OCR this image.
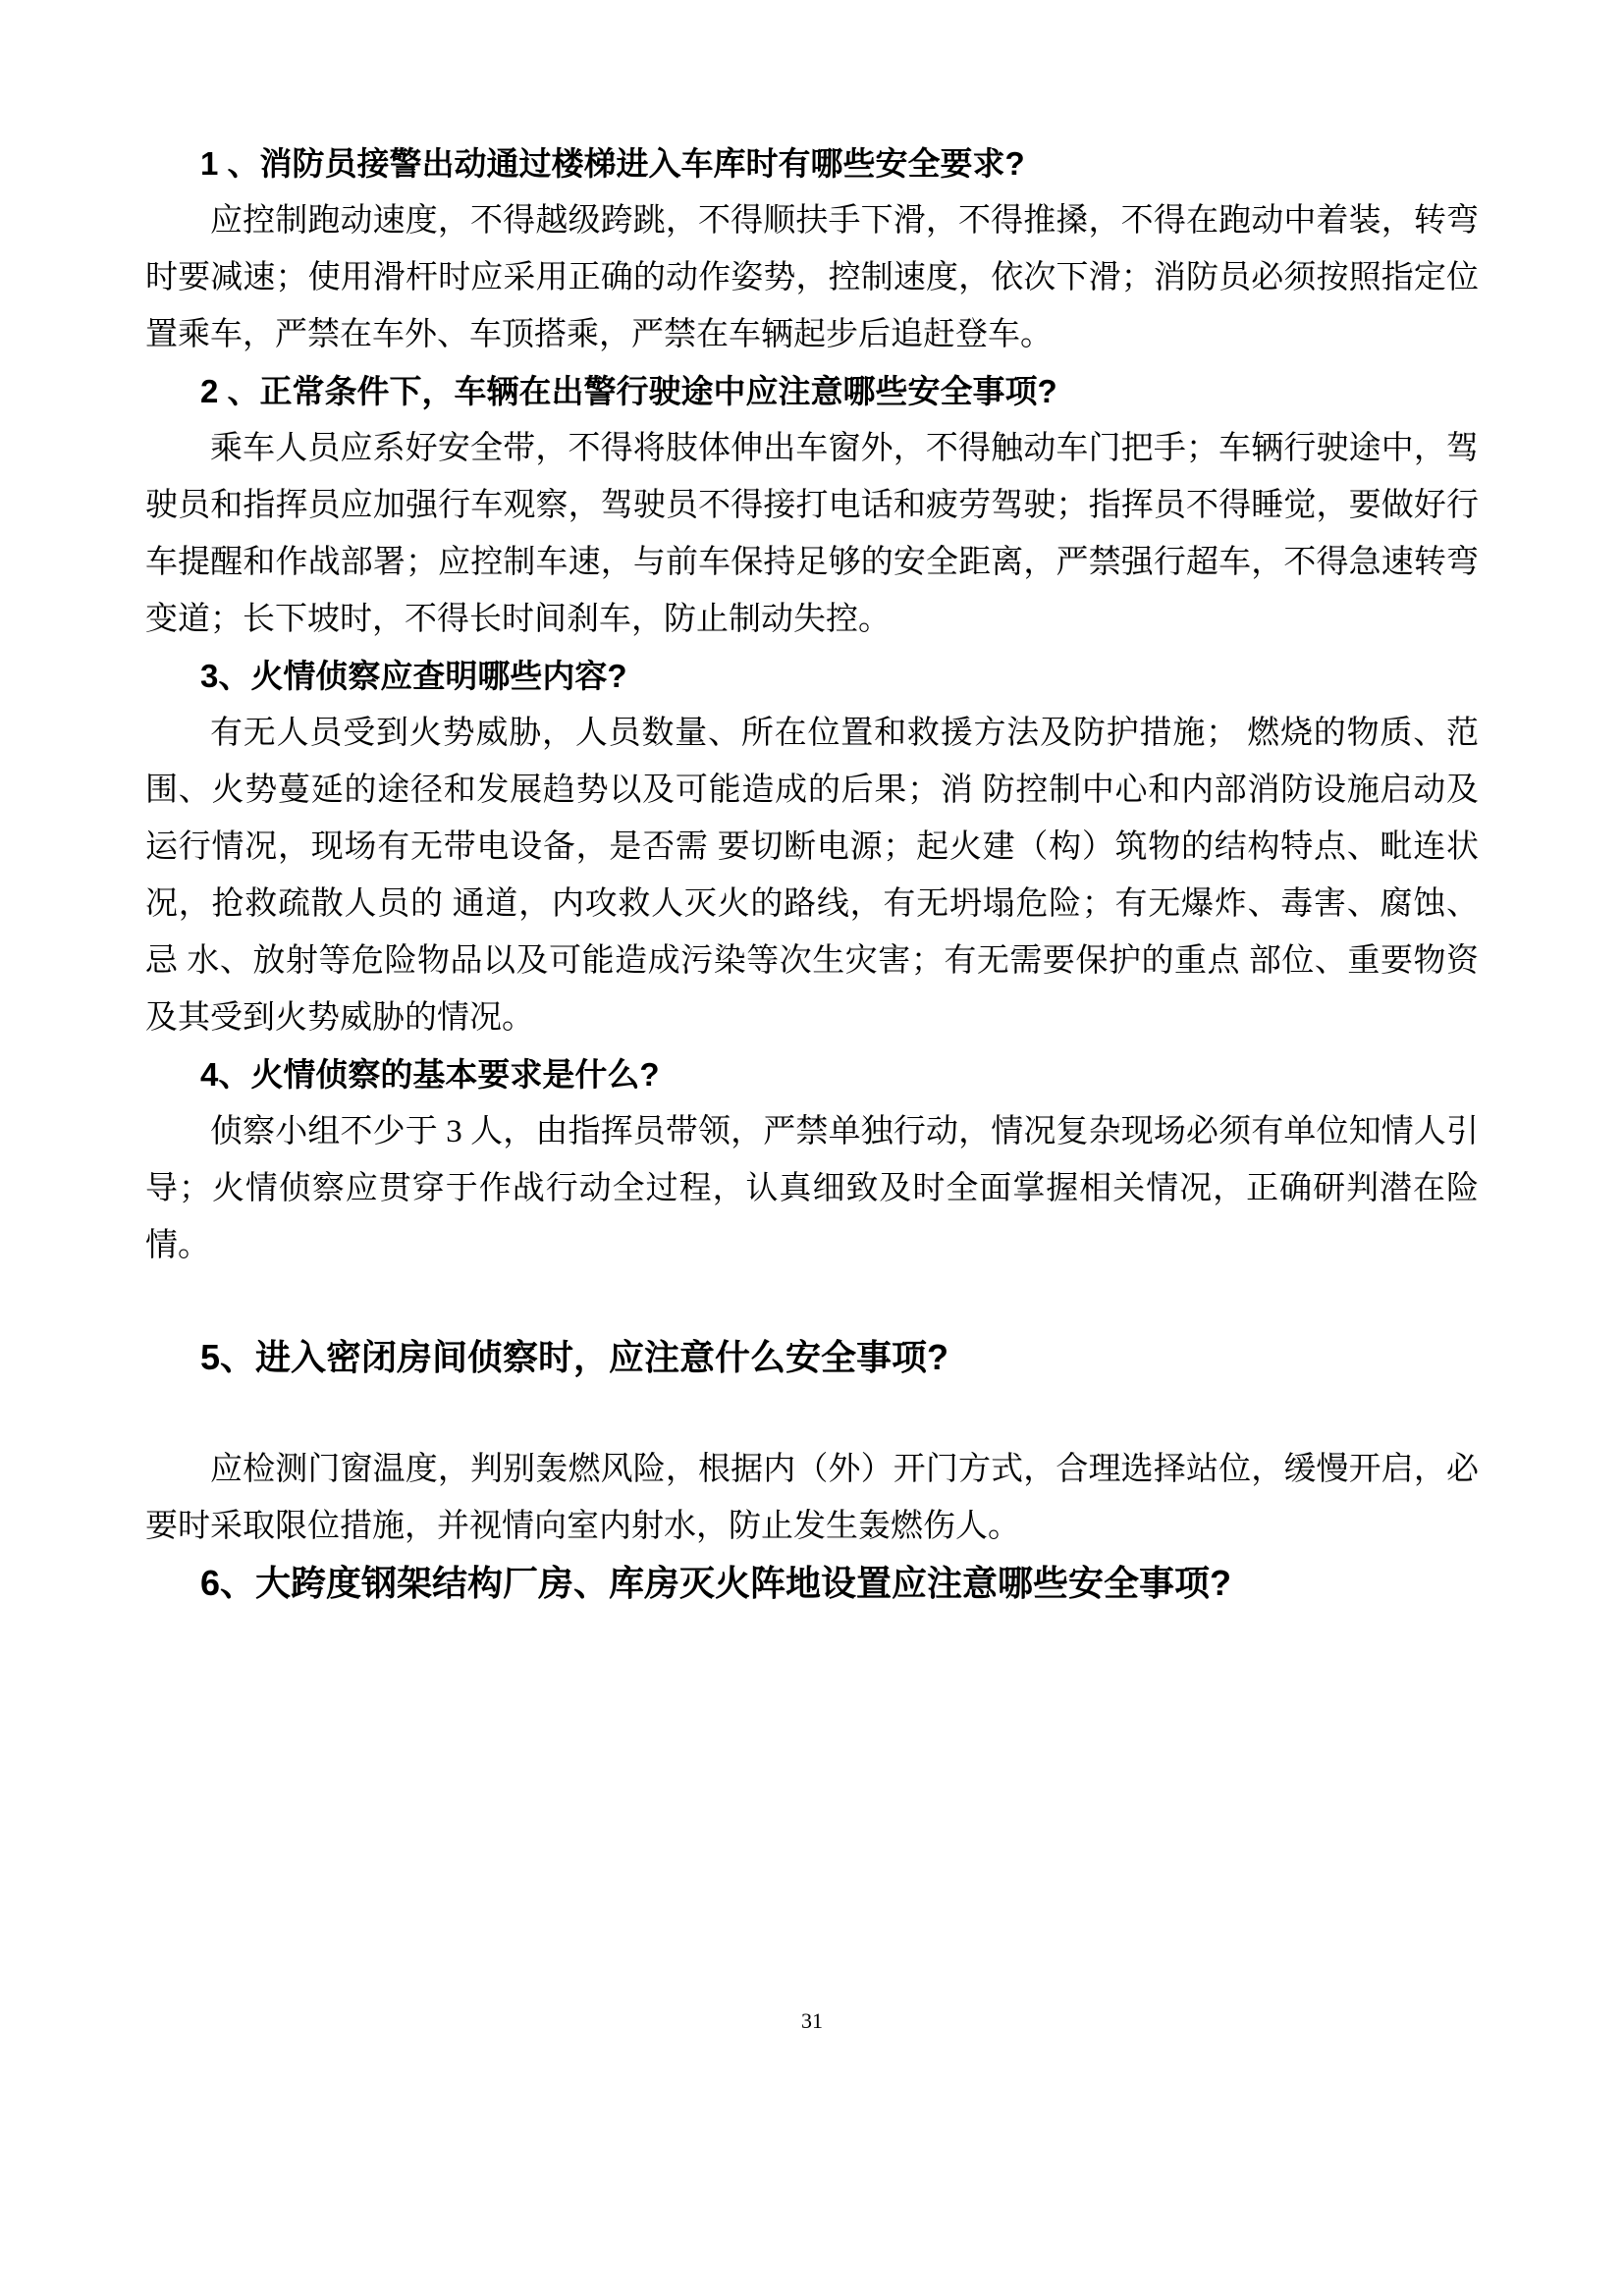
1 、消防员接警出动通过楼梯进入车库时有哪些安全要求?

应控制跑动速度，不得越级跨跳，不得顺扶手下滑，不得推搡，不得在跑动中着装，转弯时要减速；使用滑杆时应采用正确的动作姿势，控制速度，依次下滑；消防员必须按照指定位置乘车，严禁在车外、车顶搭乘，严禁在车辆起步后追赶登车。

2 、正常条件下，车辆在出警行驶途中应注意哪些安全事项?

乘车人员应系好安全带，不得将肢体伸出车窗外，不得触动车门把手；车辆行驶途中，驾驶员和指挥员应加强行车观察，驾驶员不得接打电话和疲劳驾驶；指挥员不得睡觉，要做好行车提醒和作战部署；应控制车速，与前车保持足够的安全距离，严禁强行超车，不得急速转弯变道；长下坡时，不得长时间刹车，防止制动失控。

3、火情侦察应查明哪些内容?

有无人员受到火势威胁，人员数量、所在位置和救援方法及防护措施； 燃烧的物质、范围、火势蔓延的途径和发展趋势以及可能造成的后果；消 防控制中心和内部消防设施启动及运行情况，现场有无带电设备，是否需 要切断电源；起火建（构）筑物的结构特点、毗连状况，抢救疏散人员的 通道，内攻救人灭火的路线，有无坍塌危险；有无爆炸、毒害、腐蚀、忌 水、放射等危险物品以及可能造成污染等次生灾害；有无需要保护的重点 部位、重要物资及其受到火势威胁的情况。

4、火情侦察的基本要求是什么?

侦察小组不少于 3 人，由指挥员带领，严禁单独行动，情况复杂现场必须有单位知情人引导；火情侦察应贯穿于作战行动全过程，认真细致及时全面掌握相关情况，正确研判潜在险情。

5、进入密闭房间侦察时，应注意什么安全事项?

应检测门窗温度，判别轰燃风险，根据内（外）开门方式，合理选择站位，缓慢开启，必要时采取限位措施，并视情向室内射水，防止发生轰燃伤人。

6、大跨度钢架结构厂房、库房灭火阵地设置应注意哪些安全事项?

31
